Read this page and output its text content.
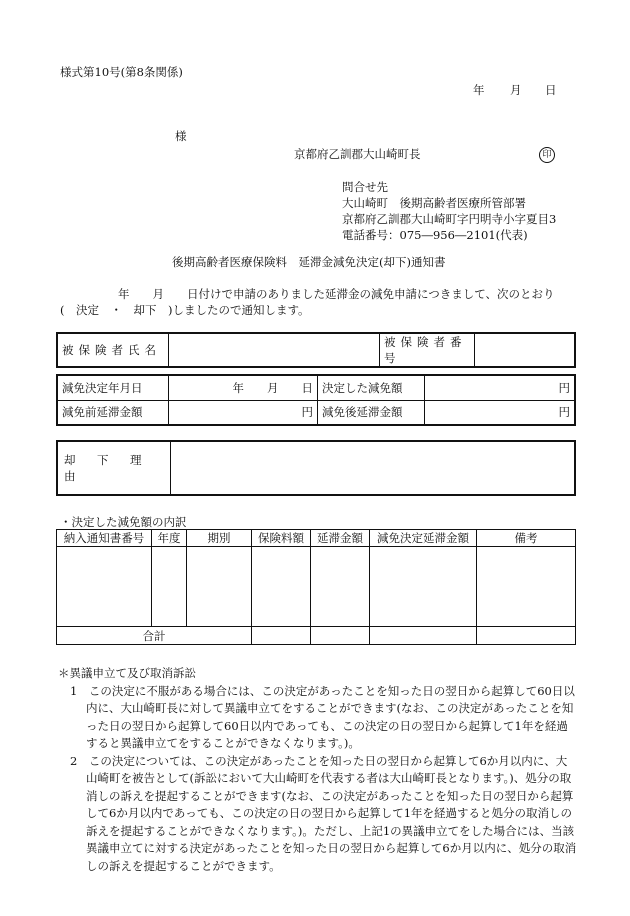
様式第10号(第8条関係)
年 月 日
様
京都府乙訓郡大山崎町長	印
問合せ先
大山崎町　後期高齢者医療所管部署
京都府乙訓郡大山崎町字円明寺小字夏目3
電話番号：075―956―2101(代表)
後期高齢者医療保険料　延滞金減免決定(却下)通知書
年　　月　　日付けで申請のありました延滞金の減免申請につきまして、次のとおり
(　決定　・　却下　)しましたので通知します。
被保険者氏名		被保険者番号	
減免決定年月日	年　　月　　日	決定した減免額	円
減免前延滞金額	円	減免後延滞金額	円
却　下　理　由	
・決定した減免額の内訳
納入通知書番号	年度	期別	保険料額	延滞金額	減免決定延滞金額	備考

合計						
＊異議申立て及び取消訴訟
1　この決定に不服がある場合には、この決定があったことを知った日の翌日から起算して60日以内に、大山崎町長に対して異議申立てをすることができます(なお、この決定があったことを知った日の翌日から起算して60日以内であっても、この決定の日の翌日から起算して1年を経過すると異議申立てをすることができなくなります。)。
2　この決定については、この決定があったことを知った日の翌日から起算して6か月以内に、大山崎町を被告として(訴訟において大山崎町を代表する者は大山崎町長となります。)、処分の取消しの訴えを提起することができます(なお、この決定があったことを知った日の翌日から起算して6か月以内であっても、この決定の日の翌日から起算して1年を経過すると処分の取消しの訴えを提起することができなくなります。)。ただし、上記1の異議申立てをした場合には、当該異議申立てに対する決定があったことを知った日の翌日から起算して6か月以内に、処分の取消しの訴えを提起することができます。
